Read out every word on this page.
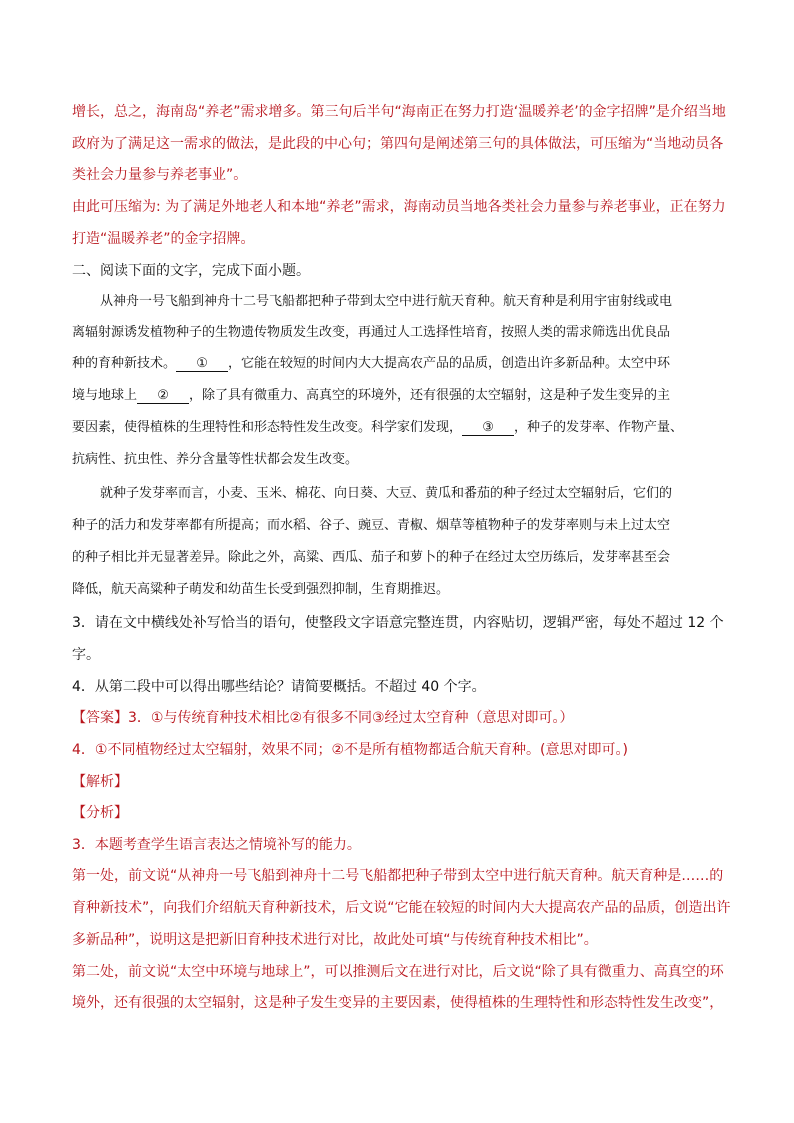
增长，总之，海南岛“养老”需求增多。第三句后半句“海南正在努力打造‘温暖养老’的金字招牌”是介绍当地
政府为了满足这一需求的做法，是此段的中心句；第四句是阐述第三句的具体做法，可压缩为“当地动员各
类社会力量参与养老事业”。
由此可压缩为: 为了满足外地老人和本地“养老”需求，海南动员当地各类社会力量参与养老事业，正在努力
打造“温暖养老”的金字招牌。
二、阅读下面的文字，完成下面小题。
从神舟一号飞船到神舟十二号飞船都把种子带到太空中进行航天育种。航天育种是利用宇宙射线或电
离辐射源诱发植物种子的生物遗传物质发生改变，再通过人工选择性培育，按照人类的需求筛选出优良品
种的育种新技术。 ① ，它能在较短的时间内大大提高农产品的品质，创造出许多新品种。太空中环
境与地球上 ② ，除了具有微重力、高真空的环境外，还有很强的太空辐射，这是种子发生变异的主
要因素，使得植株的生理特性和形态特性发生改变。科学家们发现， ③ ，种子的发芽率、作物产量、
抗病性、抗虫性、养分含量等性状都会发生改变。
就种子发芽率而言，小麦、玉米、棉花、向日葵、大豆、黄瓜和番茄的种子经过太空辐射后，它们的
种子的活力和发芽率都有所提高；而水稻、谷子、豌豆、青椒、烟草等植物种子的发芽率则与未上过太空
的种子相比并无显著差异。除此之外，高粱、西瓜、茄子和萝卜的种子在经过太空历练后，发芽率甚至会
降低，航天高粱种子萌发和幼苗生长受到强烈抑制，生育期推迟。
3．请在文中横线处补写恰当的语句，使整段文字语意完整连贯，内容贴切，逻辑严密，每处不超过 12 个
字。
4．从第二段中可以得出哪些结论？请简要概括。不超过 40 个字。
【答案】3．①与传统育种技术相比②有很多不同③经过太空育种（意思对即可。）
4．①不同植物经过太空辐射，效果不同；②不是所有植物都适合航天育种。(意思对即可。)
【解析】
【分析】
3．本题考查学生语言表达之情境补写的能力。
第一处，前文说“从神舟一号飞船到神舟十二号飞船都把种子带到太空中进行航天育种。航天育种是……的
育种新技术”，向我们介绍航天育种新技术，后文说“它能在较短的时间内大大提高农产品的品质，创造出许
多新品种”，说明这是把新旧育种技术进行对比，故此处可填“与传统育种技术相比”。
第二处，前文说“太空中环境与地球上”，可以推测后文在进行对比，后文说“除了具有微重力、高真空的环
境外，还有很强的太空辐射，这是种子发生变异的主要因素，使得植株的生理特性和形态特性发生改变”，
